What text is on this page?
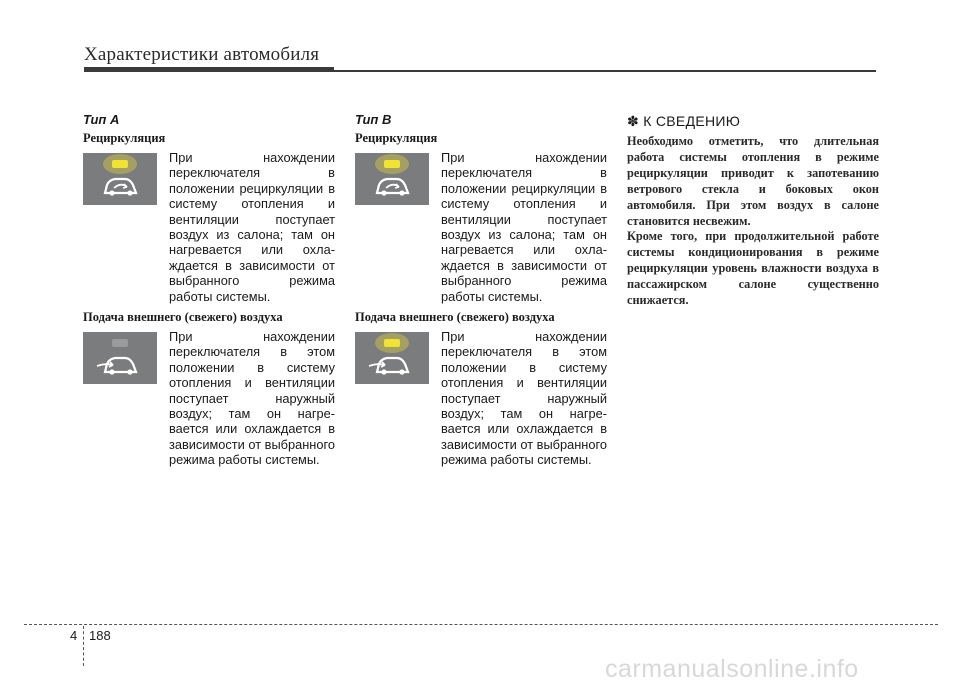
Характеристики автомобиля
Тип A
Рециркуляция

При нахождении переключателя в положении рециркуляции в систему отопления и вентиляции поступает воздух из салона; там он нагревается или охла-ждается в зависимости от выбранного режима работы системы.

Подача внешнего (свежего) воздуха

При нахождении переключателя в этом положении в систему отопления и вентиляции поступает наружный воздух; там он нагре-вается или охлаждается в зависимости от выбранного режима работы системы.

Тип B
Рециркуляция

При нахождении переключателя в положении рециркуляции в систему отопления и вентиляции поступает воздух из салона; там он нагревается или охла-ждается в зависимости от выбранного режима работы системы.

Подача внешнего (свежего) воздуха

При нахождении переключателя в этом положении в систему отопления и вентиляции поступает наружный воздух; там он нагре-вается или охлаждается в зависимости от выбранного режима работы системы.

✽ К СВЕДЕНИЮ

Необходимо отметить, что длительная работа системы отопления в режиме рециркуляции приводит к запотеванию ветрового стекла и боковых окон автомобиля. При этом воздух в салоне становится несвежим.

Кроме того, при продолжительной работе системы кондиционирования в режиме рециркуляции уровень влажности воздуха в пассажирском салоне существенно снижается.

4 188
carmanualsonline.info
